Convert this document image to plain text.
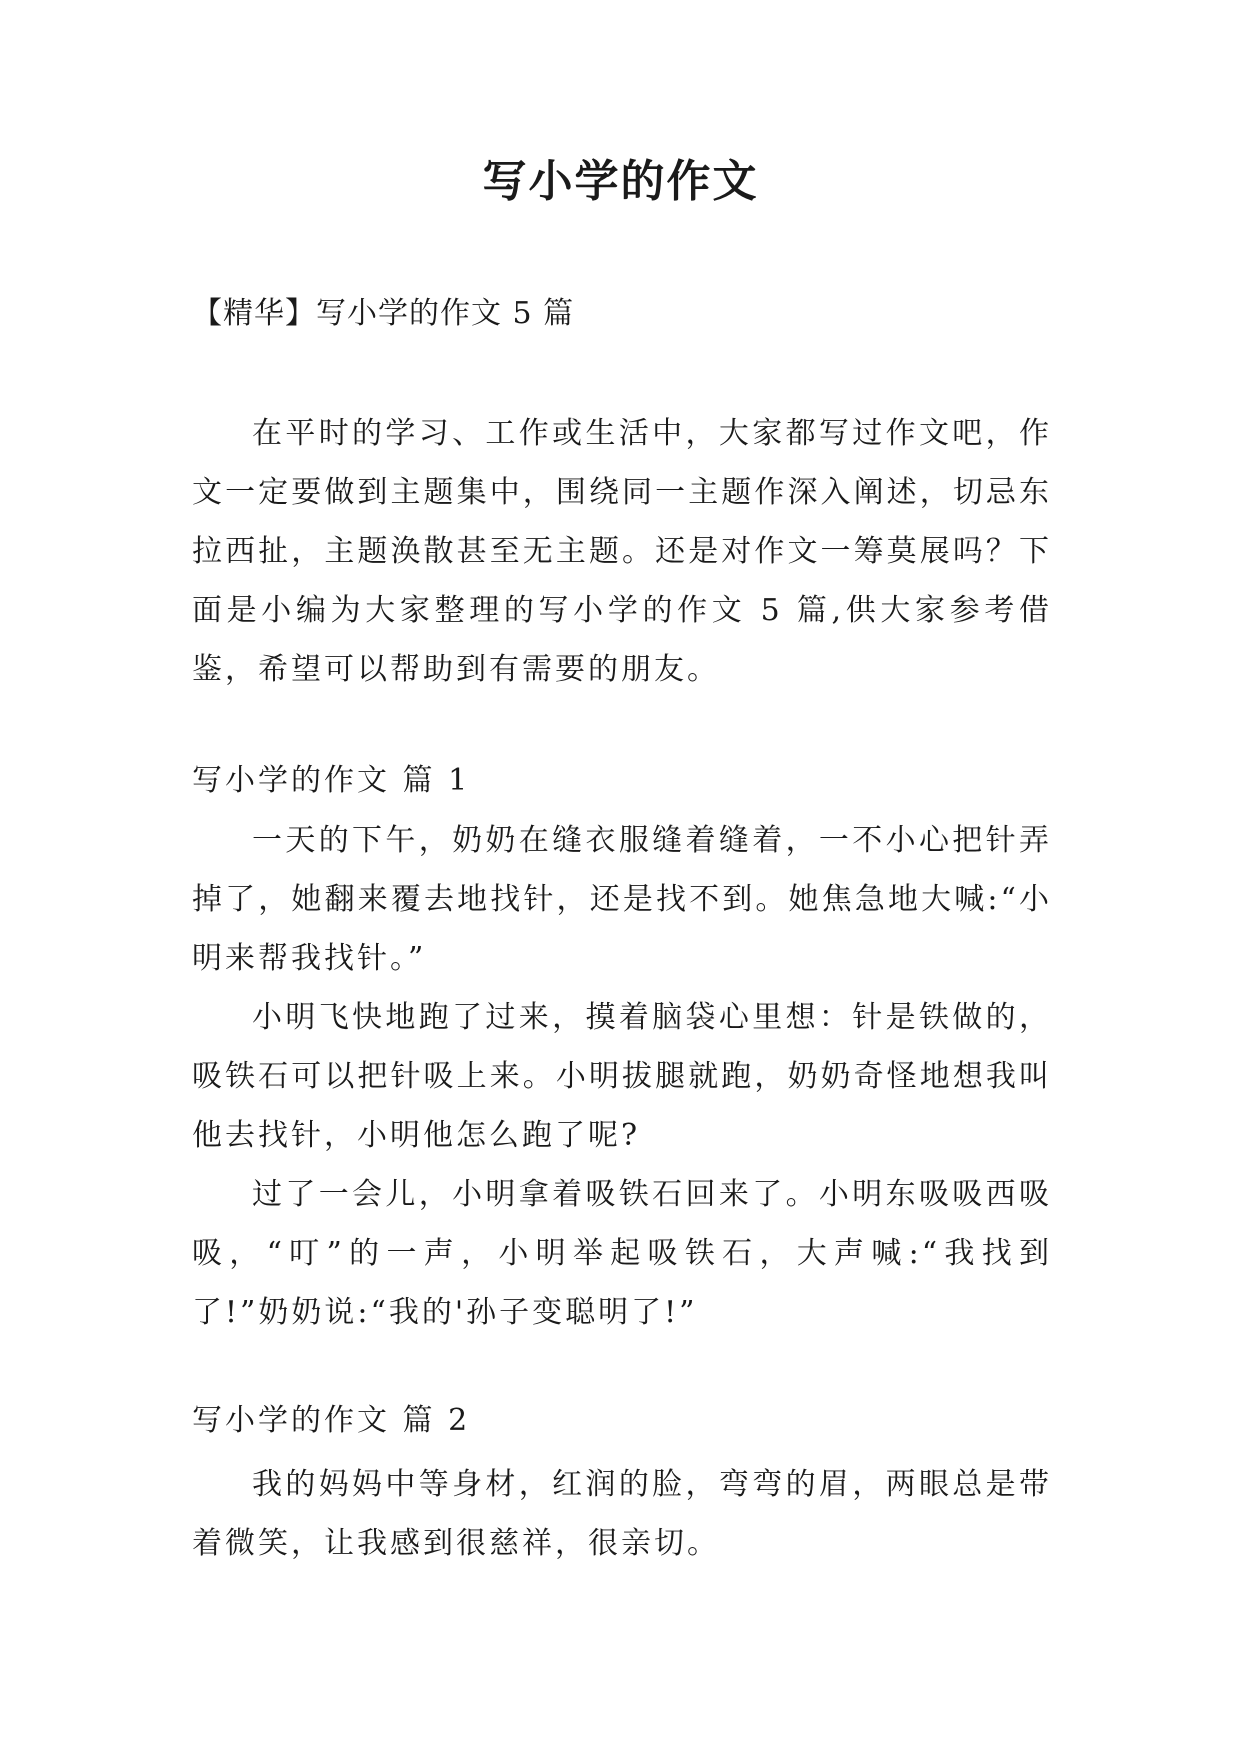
写小学的作文
【精华】写小学的作文 5 篇

在平时的学习、工作或生活中，大家都写过作文吧，作文一定要做到主题集中，围绕同一主题作深入阐述，切忌东拉西扯，主题涣散甚至无主题。还是对作文一筹莫展吗？下面是小编为大家整理的写小学的作文 5 篇,供大家参考借鉴，希望可以帮助到有需要的朋友。

写小学的作文 篇 1

一天的下午，奶奶在缝衣服缝着缝着，一不小心把针弄掉了，她翻来覆去地找针，还是找不到。她焦急地大喊:“小明来帮我找针。”

小明飞快地跑了过来，摸着脑袋心里想：针是铁做的，吸铁石可以把针吸上来。小明拔腿就跑，奶奶奇怪地想我叫他去找针，小明他怎么跑了呢?

过了一会儿，小明拿着吸铁石回来了。小明东吸吸西吸吸，“叮”的一声，小明举起吸铁石，大声喊:“我找到了!”奶奶说:“我的'孙子变聪明了!”

写小学的作文 篇 2

我的妈妈中等身材，红润的脸，弯弯的眉，两眼总是带着微笑，让我感到很慈祥，很亲切。
